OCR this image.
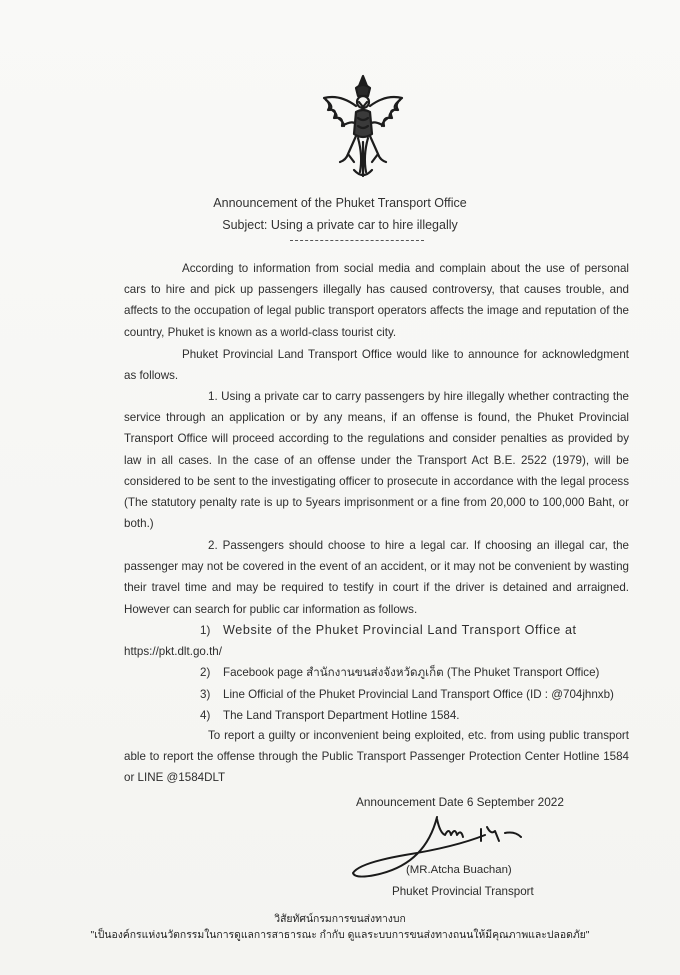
Announcement of the Phuket Transport Office
Subject: Using a private car to hire illegally
According to information from social media and complain about the use of personal cars to hire and pick up passengers illegally has caused controversy, that causes trouble, and affects to the occupation of legal public transport operators affects the image and reputation of the country, Phuket is known as a world-class tourist city.
Phuket Provincial Land Transport Office would like to announce for acknowledgment as follows.
1. Using a private car to carry passengers by hire illegally whether contracting the service through an application or by any means, if an offense is found, the Phuket Provincial Transport Office will proceed according to the regulations and consider penalties as provided by law in all cases. In the case of an offense under the Transport Act B.E. 2522 (1979), will be considered to be sent to the investigating officer to prosecute in accordance with the legal process (The statutory penalty rate is up to 5years imprisonment or a fine from 20,000 to 100,000 Baht, or both.)
2. Passengers should choose to hire a legal car. If choosing an illegal car, the passenger may not be covered in the event of an accident, or it may not be convenient by wasting their travel time and may be required to testify in court if the driver is detained and arraigned. However can search for public car information as follows.
1)	Website of the Phuket Provincial Land Transport Office at
https://pkt.dlt.go.th/
2)	Facebook page สำนักงานขนส่งจังหวัดภูเก็ต (The Phuket Transport Office)
3)	Line Official of the Phuket Provincial Land Transport Office (ID : @704jhnxb)
4)	The Land Transport Department Hotline 1584.
To report a guilty or inconvenient being exploited, etc. from using public transport able to report the offense through the Public Transport Passenger Protection Center Hotline 1584 or LINE @1584DLT
Announcement Date 6 September 2022
(MR.Atcha Buachan)
Phuket Provincial Transport
วิสัยทัศน์กรมการขนส่งทางบก
"เป็นองค์กรแห่งนวัตกรรมในการดูแลการสาธารณะ กำกับ ดูแลระบบการขนส่งทางถนนให้มีคุณภาพและปลอดภัย"
